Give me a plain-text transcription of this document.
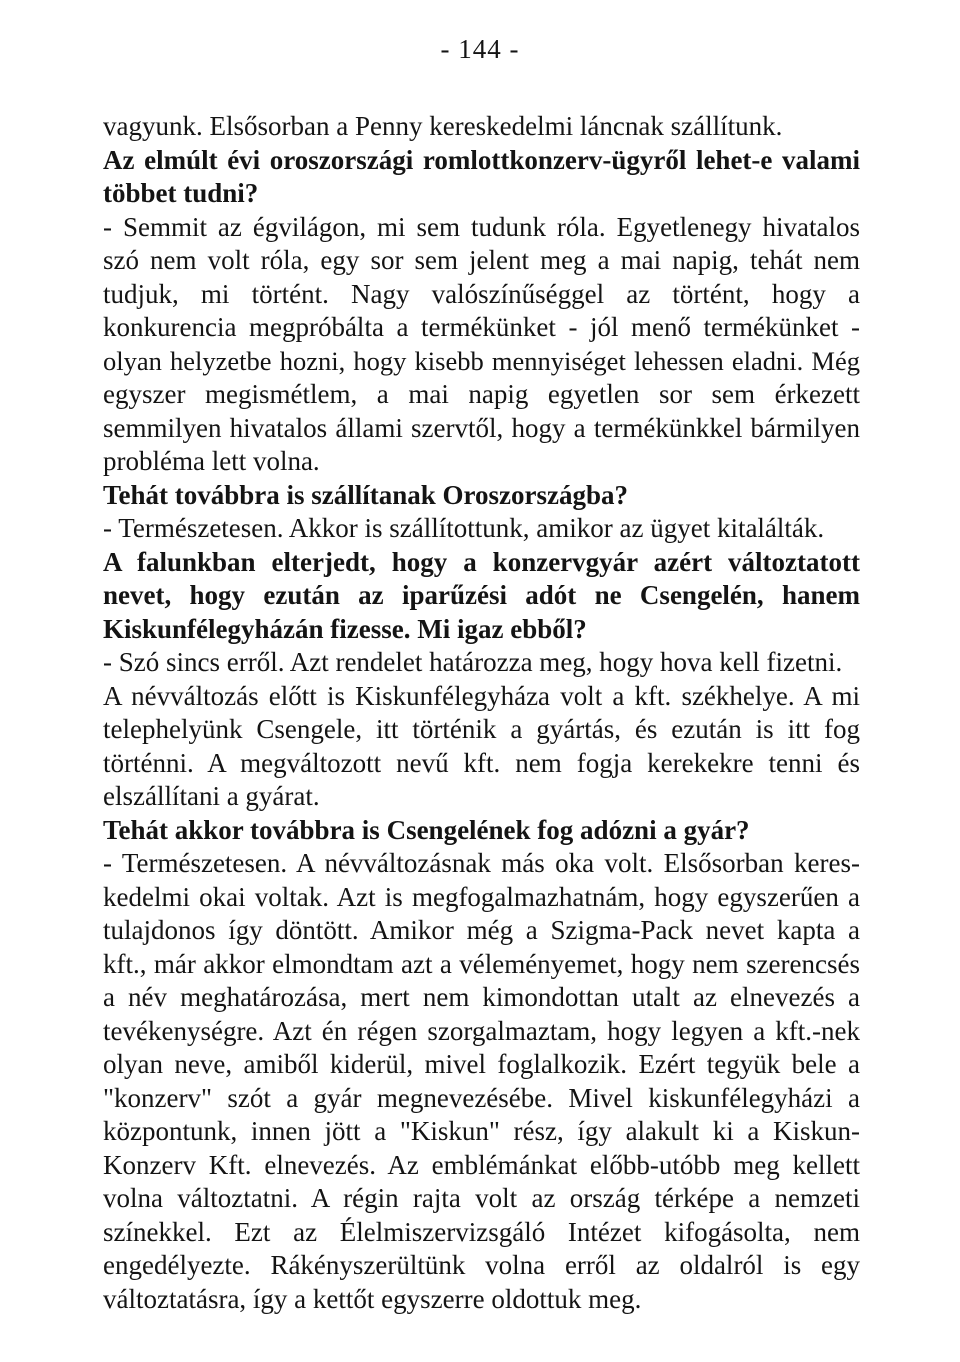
- 144 -
vagyunk. Elsősorban a Penny kereskedelmi láncnak szállítunk.
Az elmúlt évi oroszországi romlottkonzerv-ügyről lehet-e valami
többet tudni?
- Semmit az égvilágon, mi sem tudunk róla. Egyetlenegy hivatalos
szó nem volt róla, egy sor sem jelent meg a mai napig, tehát nem
tudjuk, mi történt. Nagy valószínűséggel az történt, hogy a
konkurencia megpróbálta a termékünket - jól menő termékünket -
olyan helyzetbe hozni, hogy kisebb mennyiséget lehessen eladni. Még
egyszer megismétlem, a mai napig egyetlen sor sem érkezett
semmilyen hivatalos állami szervtől, hogy a termékünkkel bármilyen
probléma lett volna.
Tehát továbbra is szállítanak Oroszországba?
- Természetesen. Akkor is szállítottunk, amikor az ügyet kitalálták.
A falunkban elterjedt, hogy a konzervgyár azért változtatott
nevet, hogy ezután az iparűzési adót ne Csengelén, hanem
Kiskunfélegyházán fizesse. Mi igaz ebből?
- Szó sincs erről. Azt rendelet határozza meg, hogy hova kell fizetni.
A névváltozás előtt is Kiskunfélegyháza volt a kft. székhelye. A mi
telephelyünk Csengele, itt történik a gyártás, és ezután is itt fog
történni. A megváltozott nevű kft. nem fogja kerekekre tenni és
elszállítani a gyárat.
Tehát akkor továbbra is Csengelének fog adózni a gyár?
- Természetesen. A névváltozásnak más oka volt. Elsősorban keres-
kedelmi okai voltak. Azt is megfogalmazhatnám, hogy egyszerűen a
tulajdonos így döntött. Amikor még a Szigma-Pack nevet kapta a
kft., már akkor elmondtam azt a véleményemet, hogy nem szerencsés
a név meghatározása, mert nem kimondottan utalt az elnevezés a
tevékenységre. Azt én régen szorgalmaztam, hogy legyen a kft.-nek
olyan neve, amiből kiderül, mivel foglalkozik. Ezért tegyük bele a
"konzerv" szót a gyár megnevezésébe. Mivel kiskunfélegyházi a
központunk, innen jött a "Kiskun" rész, így alakult ki a Kiskun-
Konzerv Kft. elnevezés. Az emblémánkat előbb-utóbb meg kellett
volna változtatni. A régin rajta volt az ország térképe a nemzeti
színekkel. Ezt az Élelmiszervizsgáló Intézet kifogásolta, nem
engedélyezte. Rákényszerültünk volna erről az oldalról is egy
változtatásra, így a kettőt egyszerre oldottuk meg.
